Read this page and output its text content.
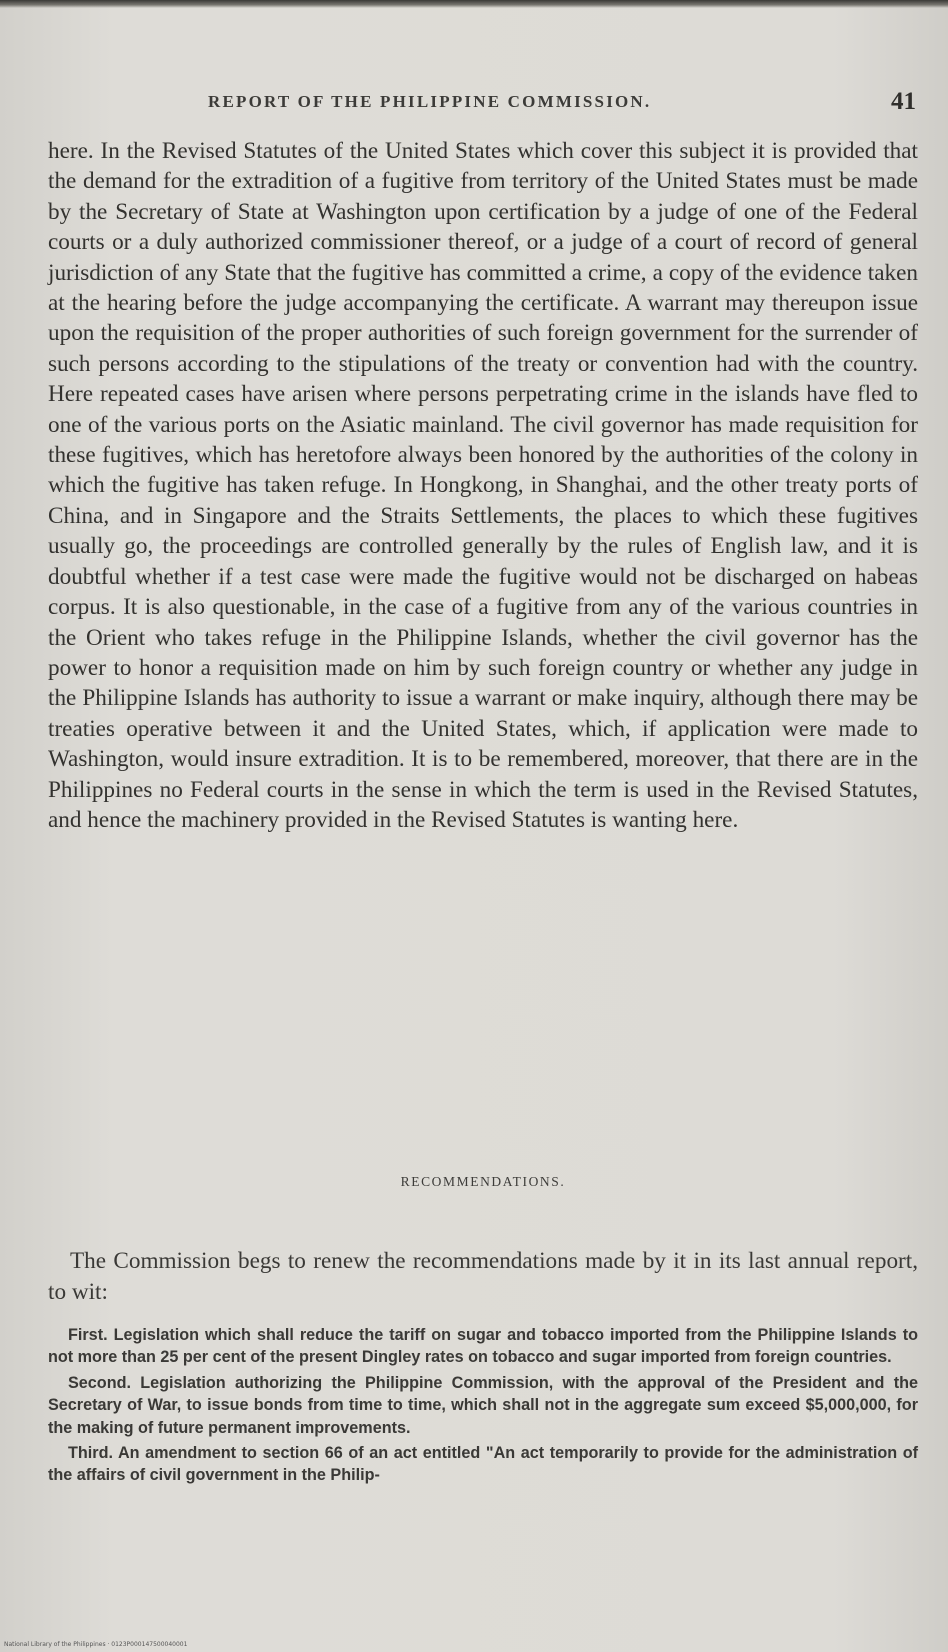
REPORT OF THE PHILIPPINE COMMISSION.	41

here. In the Revised Statutes of the United States which cover this subject it is provided that the demand for the extradition of a fugitive from territory of the United States must be made by the Secretary of State at Washington upon certification by a judge of one of the Federal courts or a duly authorized commissioner thereof, or a judge of a court of record of general jurisdiction of any State that the fugitive has committed a crime, a copy of the evidence taken at the hearing before the judge accompanying the certificate. A warrant may thereupon issue upon the requisition of the proper authorities of such foreign government for the surrender of such persons according to the stipulations of the treaty or convention had with the country. Here repeated cases have arisen where persons perpetrating crime in the islands have fled to one of the various ports on the Asiatic mainland. The civil governor has made requisition for these fugitives, which has heretofore always been honored by the authorities of the colony in which the fugitive has taken refuge. In Hongkong, in Shanghai, and the other treaty ports of China, and in Singapore and the Straits Settlements, the places to which these fugitives usually go, the proceedings are controlled generally by the rules of English law, and it is doubtful whether if a test case were made the fugitive would not be discharged on habeas corpus. It is also questionable, in the case of a fugitive from any of the various countries in the Orient who takes refuge in the Philippine Islands, whether the civil governor has the power to honor a requisition made on him by such foreign country or whether any judge in the Philippine Islands has authority to issue a warrant or make inquiry, although there may be treaties operative between it and the United States, which, if application were made to Washington, would insure extradition. It is to be remembered, moreover, that there are in the Philippines no Federal courts in the sense in which the term is used in the Revised Statutes, and hence the machinery provided in the Revised Statutes is wanting here.

RECOMMENDATIONS.

The Commission begs to renew the recommendations made by it in its last annual report, to wit:

First. Legislation which shall reduce the tariff on sugar and tobacco imported from the Philippine Islands to not more than 25 per cent of the present Dingley rates on tobacco and sugar imported from foreign countries.

Second. Legislation authorizing the Philippine Commission, with the approval of the President and the Secretary of War, to issue bonds from time to time, which shall not in the aggregate sum exceed $5,000,000, for the making of future permanent improvements.

Third. An amendment to section 66 of an act entitled "An act temporarily to provide for the administration of the affairs of civil government in the Philip-

National Library of the Philippines · 0123P000147500040001
